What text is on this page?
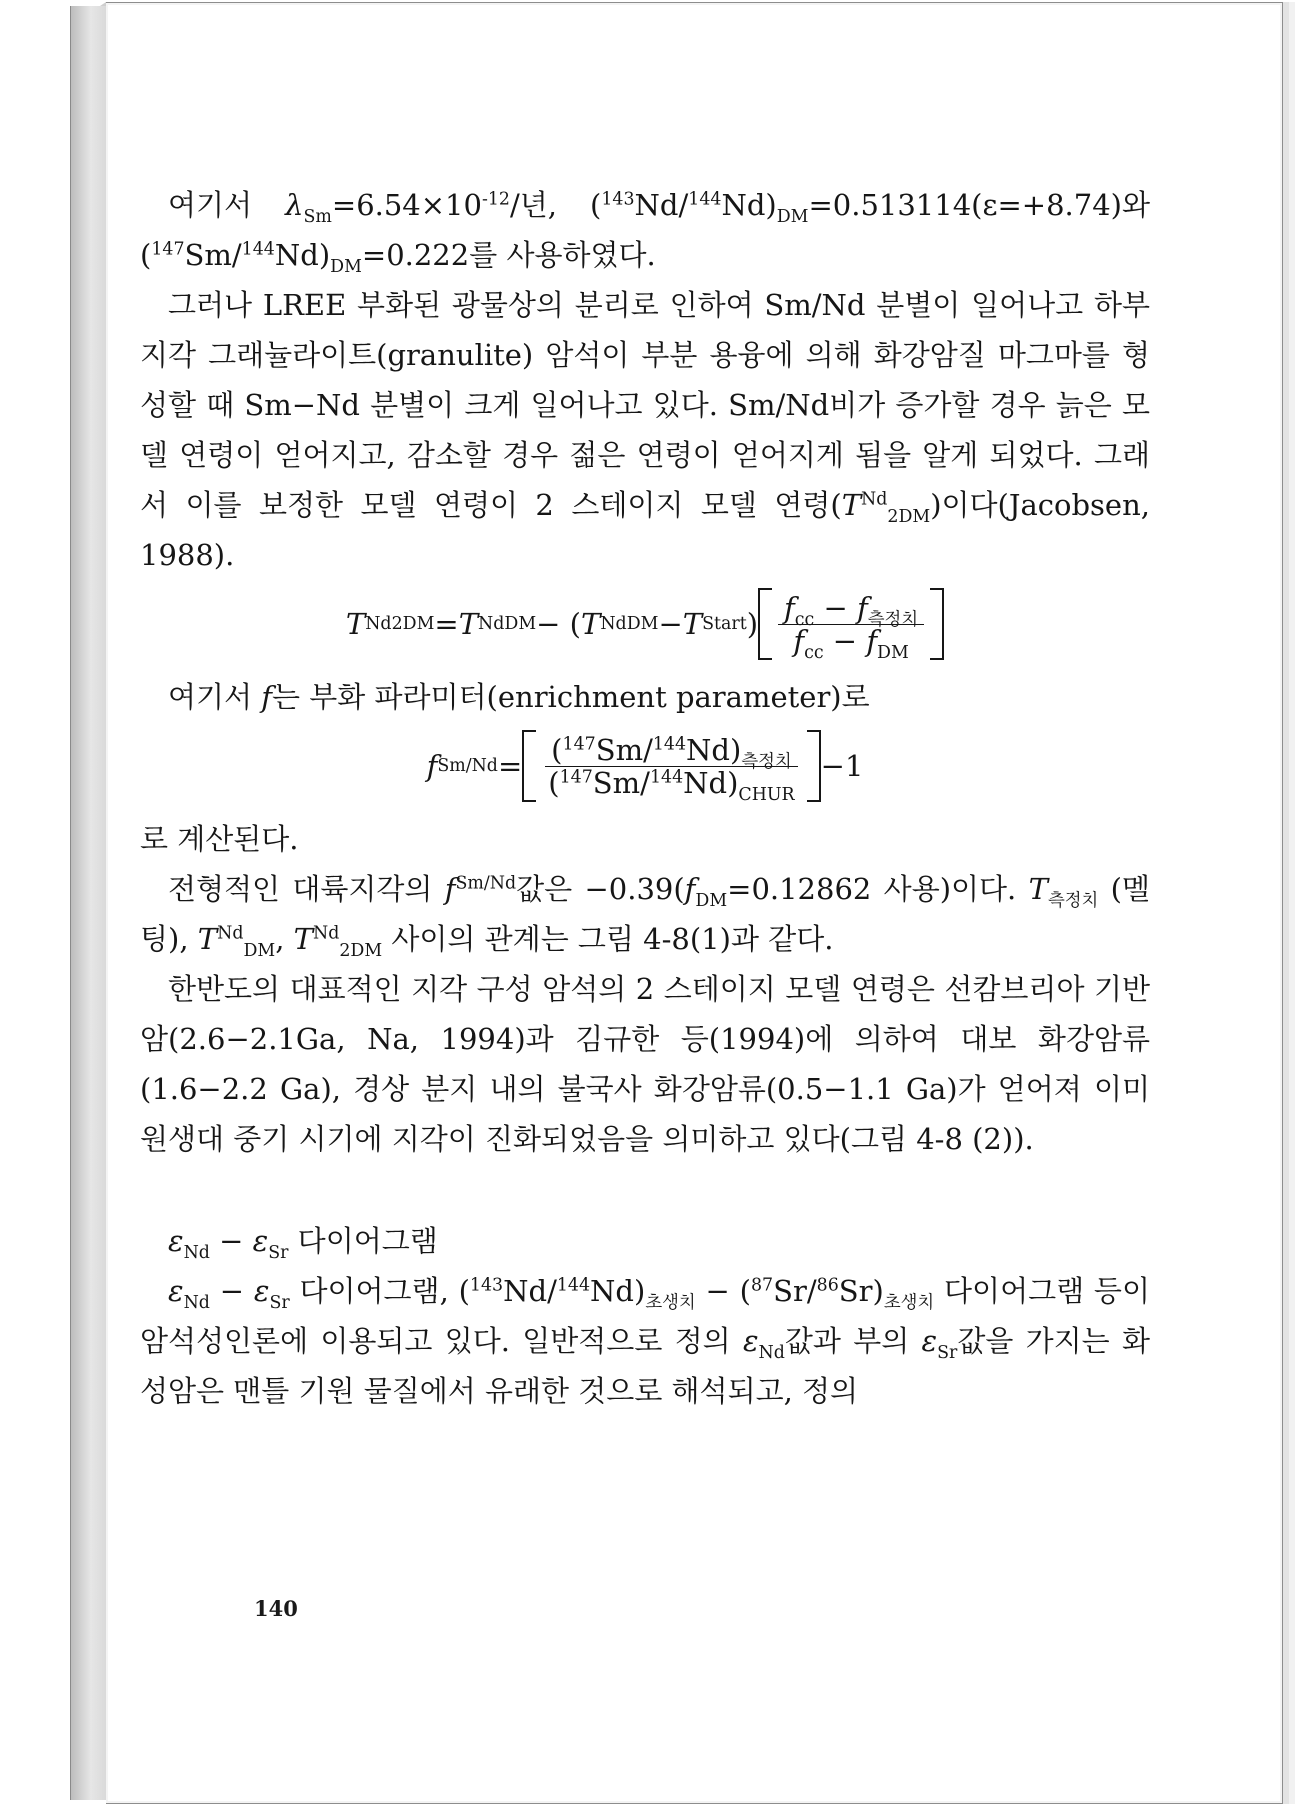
여기서 $\lambda_{Sm}=6.54\times 10^{-12}/$년, $(^{143}Nd/^{144}Nd)_{DM}=0.513114(\varepsilon=+8.74)$와 $(^{147}Sm/^{144}Nd)_{DM}=0.222$를 사용하였다.

그러나 LREE 부화된 광물상의 분리로 인하여 Sm/Nd 분별이 일어나고 하부 지각 그래뉼라이트(granulite) 암석이 부분 용융에 의해 화강암질 마그마를 형성할 때 Sm−Nd 분별이 크게 일어나고 있다. Sm/Nd비가 증가할 경우 늙은 모델 연령이 얻어지고, 감소할 경우 젊은 연령이 얻어지게 됨을 알게 되었다. 그래서 이를 보정한 모델 연령이 2 스테이지 모델 연령$(T^{Nd}_{2DM})$이다(Jacobsen, 1988).

T Nd 2DM = T Nd DM − ( T Nd DM − T Start ) $\frac{f_{cc} - f_{측정치}}{f_{cc} - f_{DM}}$

여기서 f는 부화 파라미터(enrichment parameter)로

f $Sm/Nd = \frac{(^{147}Sm/^{144}Nd)_{측정치}}{(^{147}Sm/^{144}Nd)_{CHUR}} -1$

로 계산된다.

전형적인 대륙지각의 $f^{Sm/Nd}$값은 $-0.39(f_{DM}=0.12862$ 사용)이다. $T_{측정치}$ (멜팅), $T^{Nd}_{DM}$, $T^{Nd}_{2DM}$ 사이의 관계는 그림 4-8(1)과 같다.

한반도의 대표적인 지각 구성 암석의 2 스테이지 모델 연령은 선캄브리아 기반암(2.6−2.1Ga, Na, 1994)과 김규한 등(1994)에 의하여 대보 화강암류(1.6−2.2 Ga), 경상 분지 내의 불국사 화강암류(0.5−1.1 Ga)가 얻어져 이미 원생대 중기 시기에 지각이 진화되었음을 의미하고 있다(그림 4-8 (2)).

$\varepsilon_{Nd} - \varepsilon_{Sr}$ 다이어그램

$\varepsilon_{Nd} - \varepsilon_{Sr}$ 다이어그램, $(^{143}Nd/^{144}Nd)_{초생치} - (^{87}Sr/^{86}Sr)_{초생치}$ 다이어그램 등이 암석성인론에 이용되고 있다. 일반적으로 정의 $\varepsilon_{Nd}$값과 부의 $\varepsilon_{Sr}$값을 가지는 화성암은 맨틀 기원 물질에서 유래한 것으로 해석되고, 정의

140
